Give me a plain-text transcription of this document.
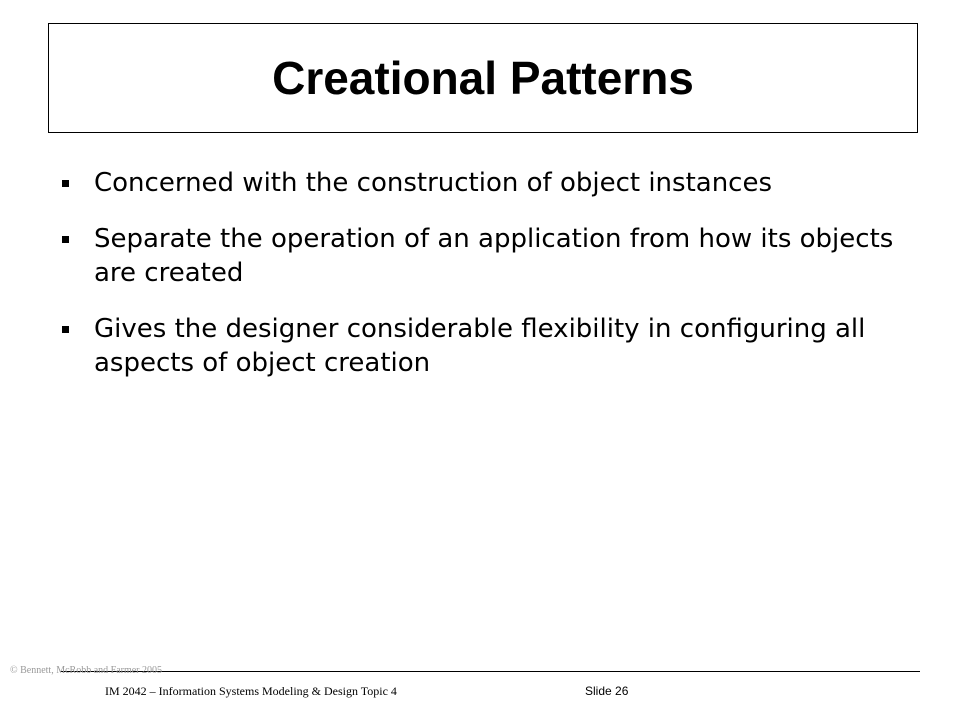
Creational Patterns
Concerned with the construction of object instances
Separate the operation of an application from how its objects are created
Gives the designer considerable flexibility in configuring all aspects of object creation
© Bennett, McRobb and Farmer 2005
IM 2042 – Information Systems Modeling & Design Topic 4	Slide 26
